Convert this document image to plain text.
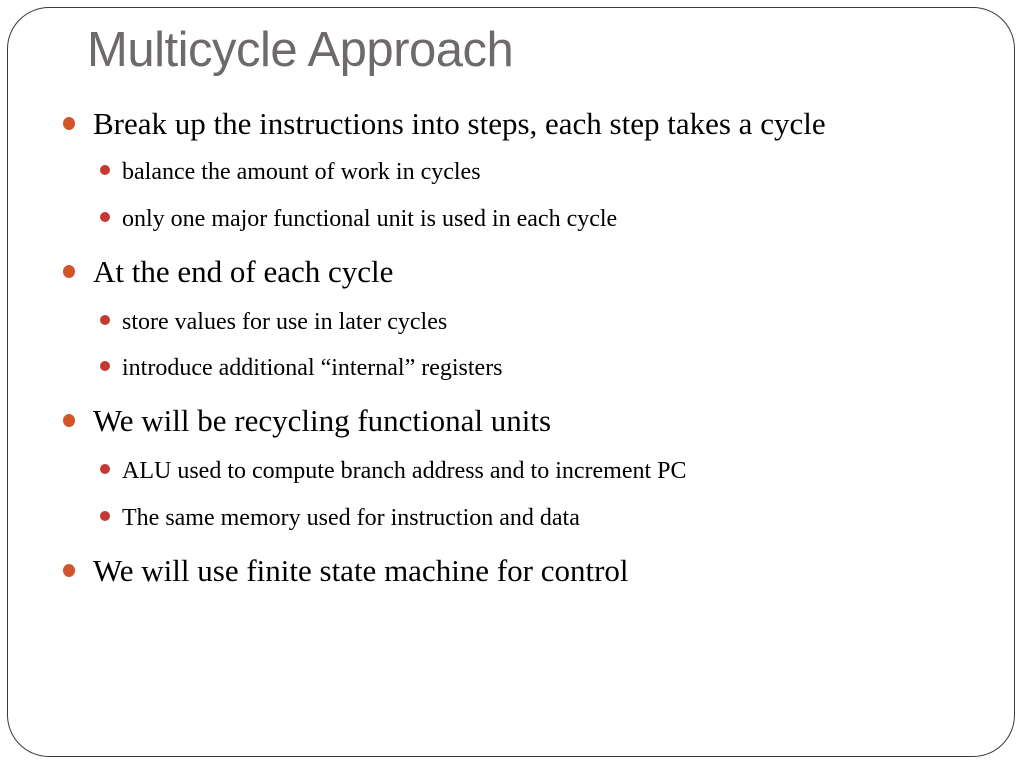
Multicycle Approach
Break up the instructions into steps, each step takes a cycle
balance the amount of work in cycles
only one major functional unit is used in each cycle
At the end of each cycle
store values for use in later cycles
introduce additional “internal” registers
We will be recycling functional units
ALU used to compute branch address and to increment PC
The same memory used for instruction and data
We will use finite state machine for control
